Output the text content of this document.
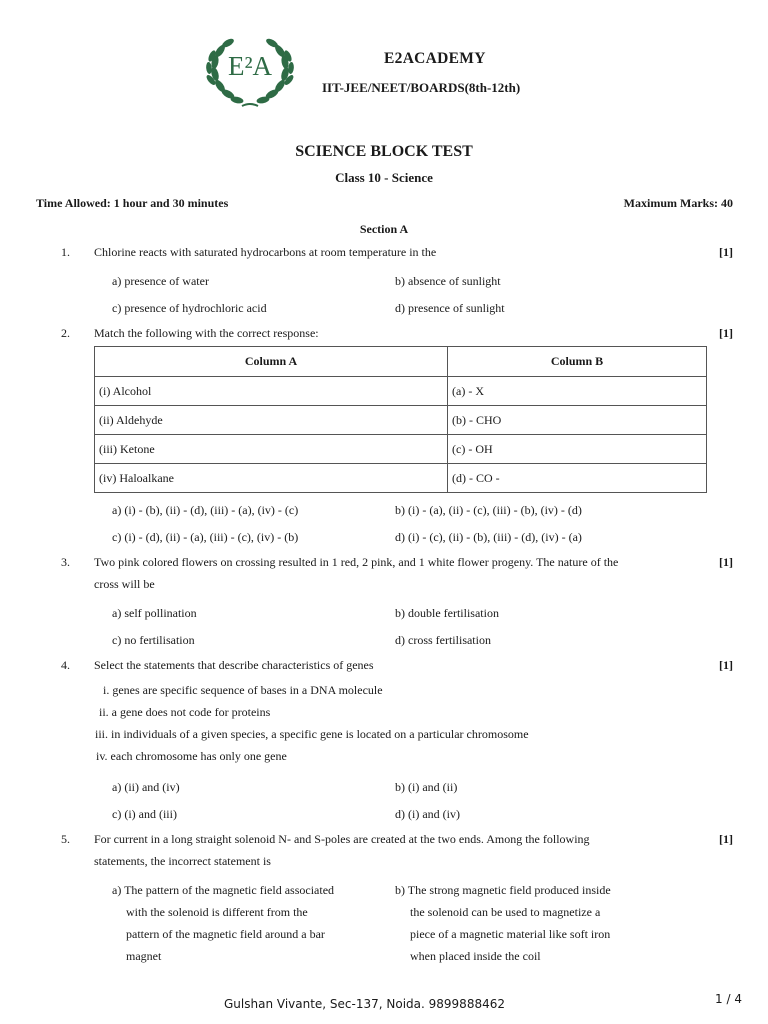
E²A	E2ACADEMY
IIT-JEE/NEET/BOARDS(8th-12th)
SCIENCE BLOCK TEST
Class 10 - Science
Time Allowed: 1 hour and 30 minutes	Maximum Marks: 40
Section A
1. Chlorine reacts with saturated hydrocarbons at room temperature in the	[1]
a) presence of water	b) absence of sunlight
c) presence of hydrochloric acid	d) presence of sunlight
2. Match the following with the correct response:	[1]
Column A	Column B
(i) Alcohol	(a) - X
(ii) Aldehyde	(b) - CHO
(iii) Ketone	(c) - OH
(iv) Haloalkane	(d) - CO -
a) (i) - (b), (ii) - (d), (iii) - (a), (iv) - (c)	b) (i) - (a), (ii) - (c), (iii) - (b), (iv) - (d)
c) (i) - (d), (ii) - (a), (iii) - (c), (iv) - (b)	d) (i) - (c), (ii) - (b), (iii) - (d), (iv) - (a)
3. Two pink colored flowers on crossing resulted in 1 red, 2 pink, and 1 white flower progeny. The nature of the
cross will be
[1]
a) self pollination	b) double fertilisation
c) no fertilisation	d) cross fertilisation
4. Select the statements that describe characteristics of genes	[1]
i. genes are specific sequence of bases in a DNA molecule
ii. a gene does not code for proteins
iii. in individuals of a given species, a specific gene is located on a particular chromosome
iv. each chromosome has only one gene
a) (ii) and (iv)	b) (i) and (ii)
c) (i) and (iii)	d) (i) and (iv)
5. For current in a long straight solenoid N- and S-poles are created at the two ends. Among the following
statements, the incorrect statement is
[1]
a) The pattern of the magnetic field associated
with the solenoid is different from the
pattern of the magnetic field around a bar
magnet
b) The strong magnetic field produced inside
the solenoid can be used to magnetize a
piece of a magnetic material like soft iron
when placed inside the coil
Gulshan Vivante, Sec-137, Noida. 9899888462	1 / 4
